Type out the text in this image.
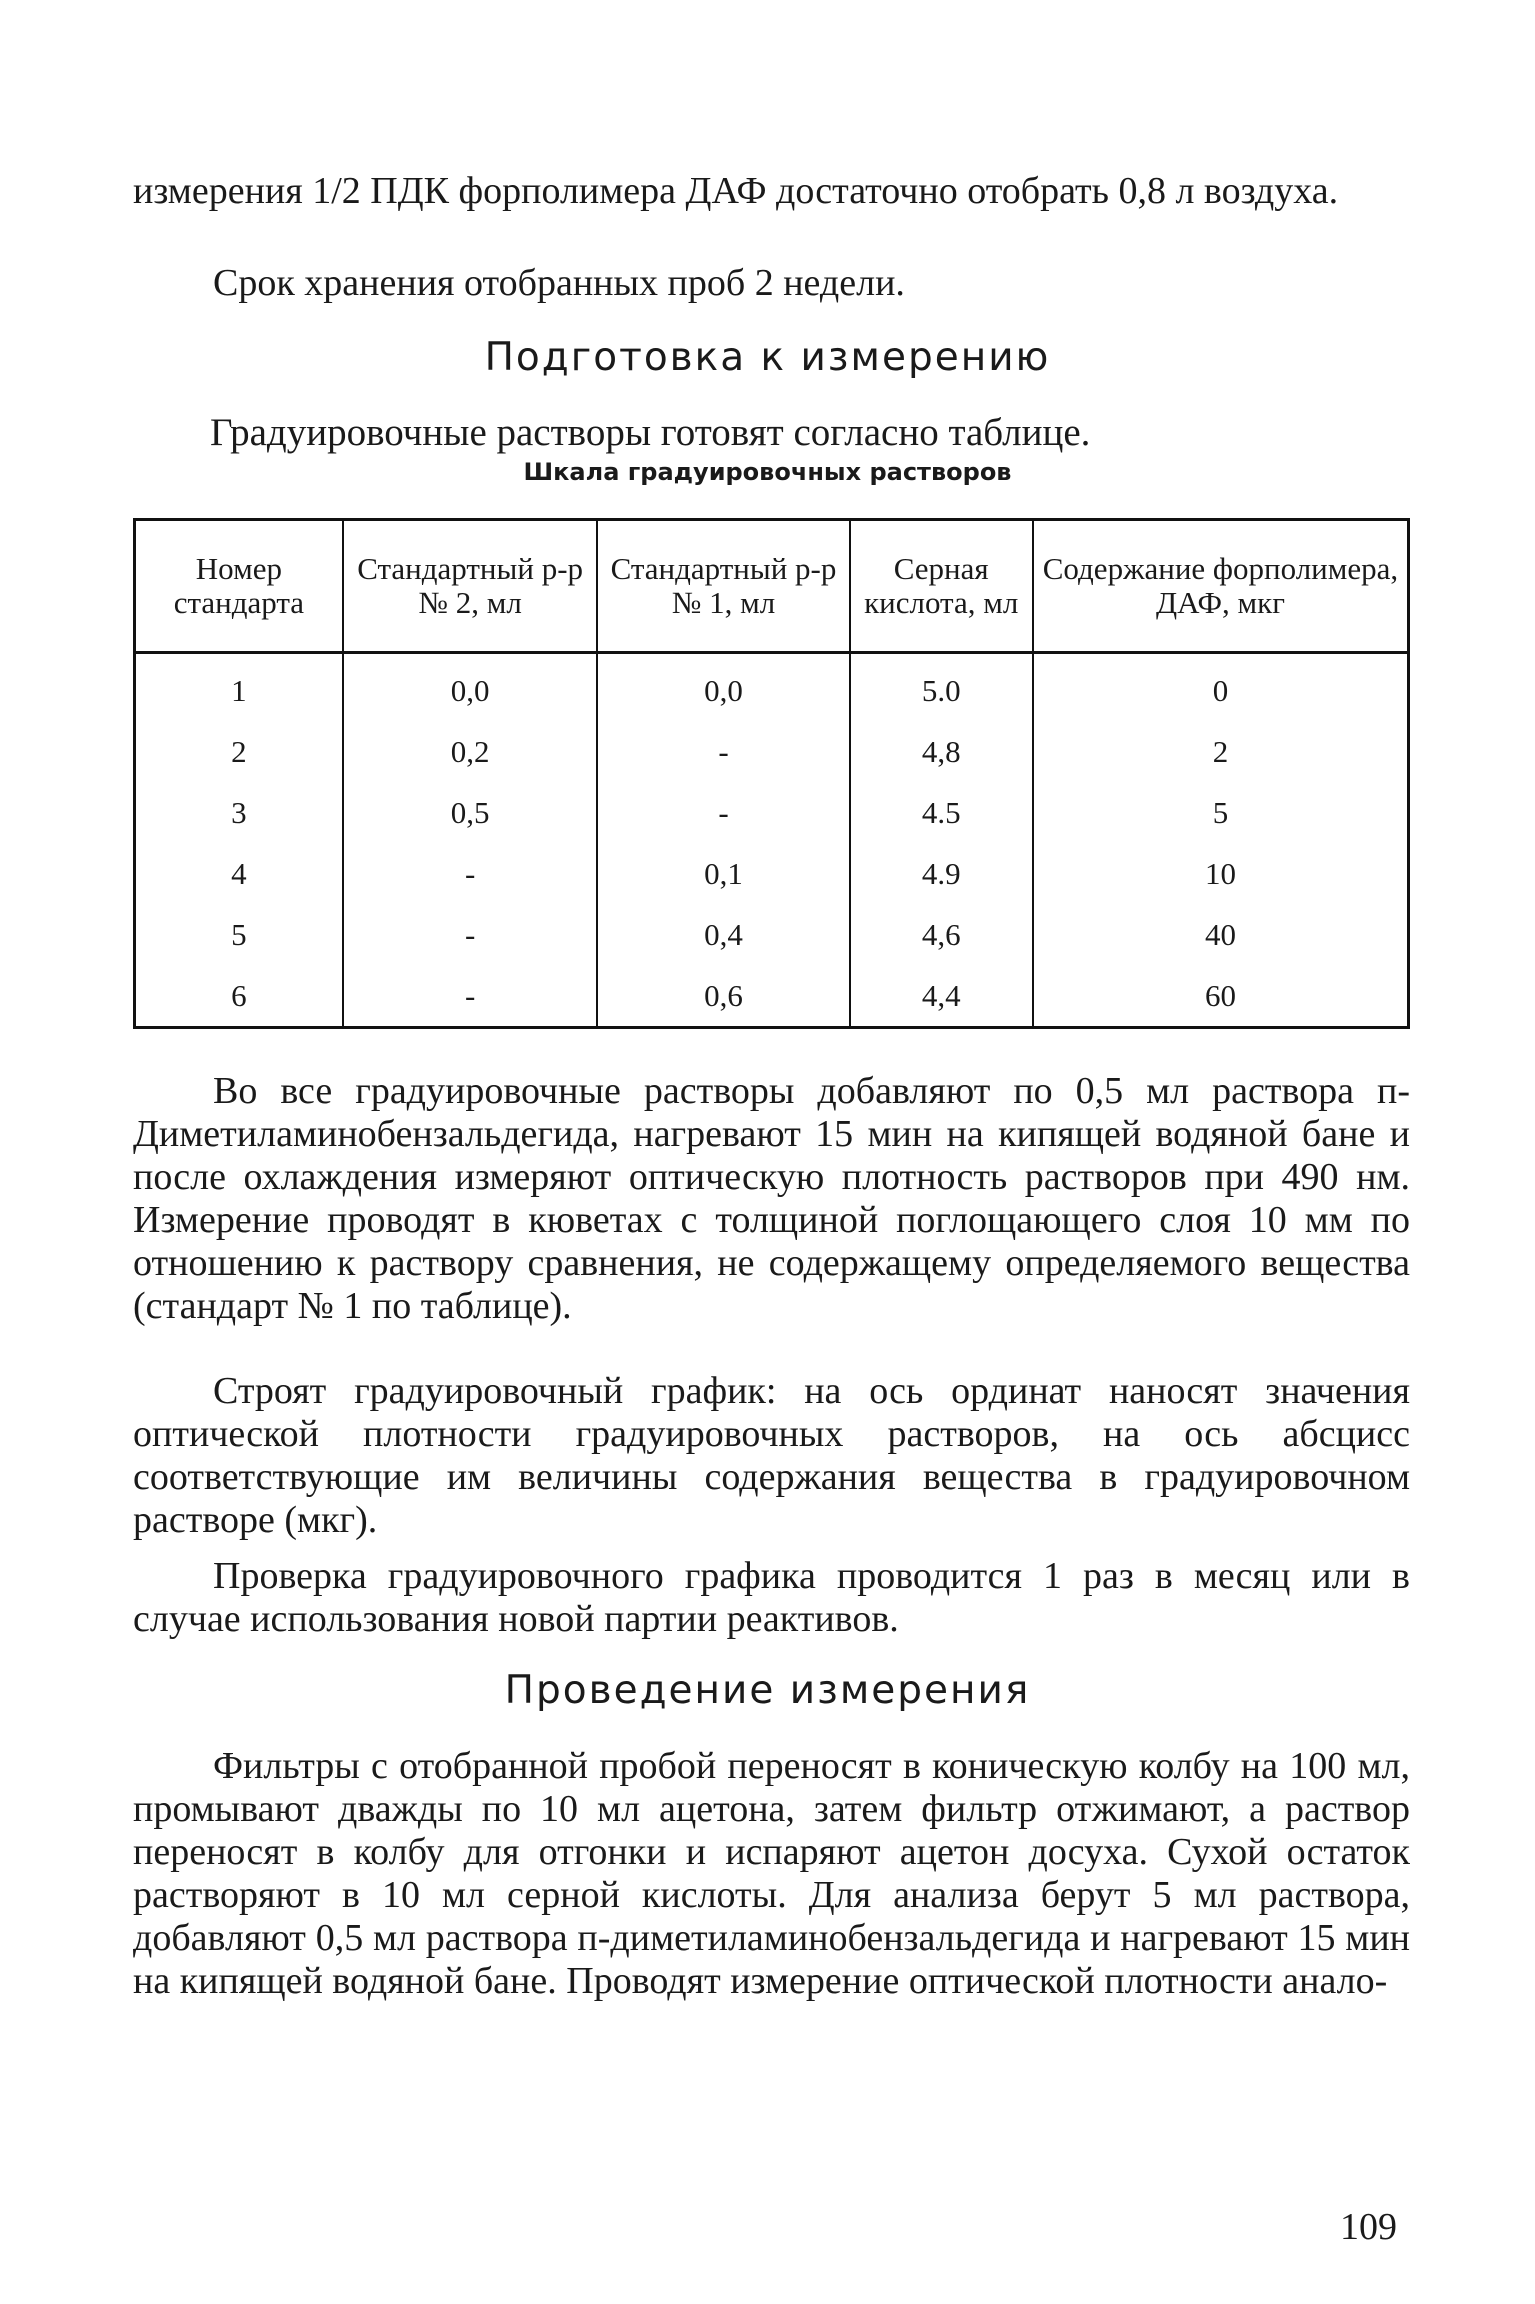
измерения 1/2 ПДК форполимера ДАФ достаточно отобрать 0,8 л воздуха.

Срок хранения отобранных проб 2 недели.

Подготовка к измерению

Градуировочные растворы готовят согласно таблице.

Шкала градуировочных растворов

Номер стандарта	Стандартный р-р № 2, мл	Стандартный р-р № 1, мл	Серная кислота, мл	Содержание форполимера, ДАФ, мкг
1	0,0	0,0	5.0	0
2	0,2	-	4,8	2
3	0,5	-	4.5	5
4	-	0,1	4.9	10
5	-	0,4	4,6	40
6	-	0,6	4,4	60

Во все градуировочные растворы добавляют по 0,5 мл раствора п-Диметиламинобензальдегида, нагревают 15 мин на кипящей водяной бане и после охлаждения измеряют оптическую плотность растворов при 490 нм. Измерение проводят в кюветах с толщиной поглощающего слоя 10 мм по отношению к раствору сравнения, не содержащему определяемого вещества (стандарт № 1 по таблице).

Строят градуировочный график: на ось ординат наносят значения оптической плотности градуировочных растворов, на ось абсцисс соответствующие им величины содержания вещества в градуировочном растворе (мкг).

Проверка градуировочного графика проводится 1 раз в месяц или в случае использования новой партии реактивов.

Проведение измерения

Фильтры с отобранной пробой переносят в коническую колбу на 100 мл, промывают дважды по 10 мл ацетона, затем фильтр отжимают, а раствор переносят в колбу для отгонки и испаряют ацетон досуха. Сухой остаток растворяют в 10 мл серной кислоты. Для анализа берут 5 мл раствора, добавляют 0,5 мл раствора п-диметиламинобензальдегида и нагревают 15 мин на кипящей водяной бане. Проводят измерение оптической плотности анало-

109
